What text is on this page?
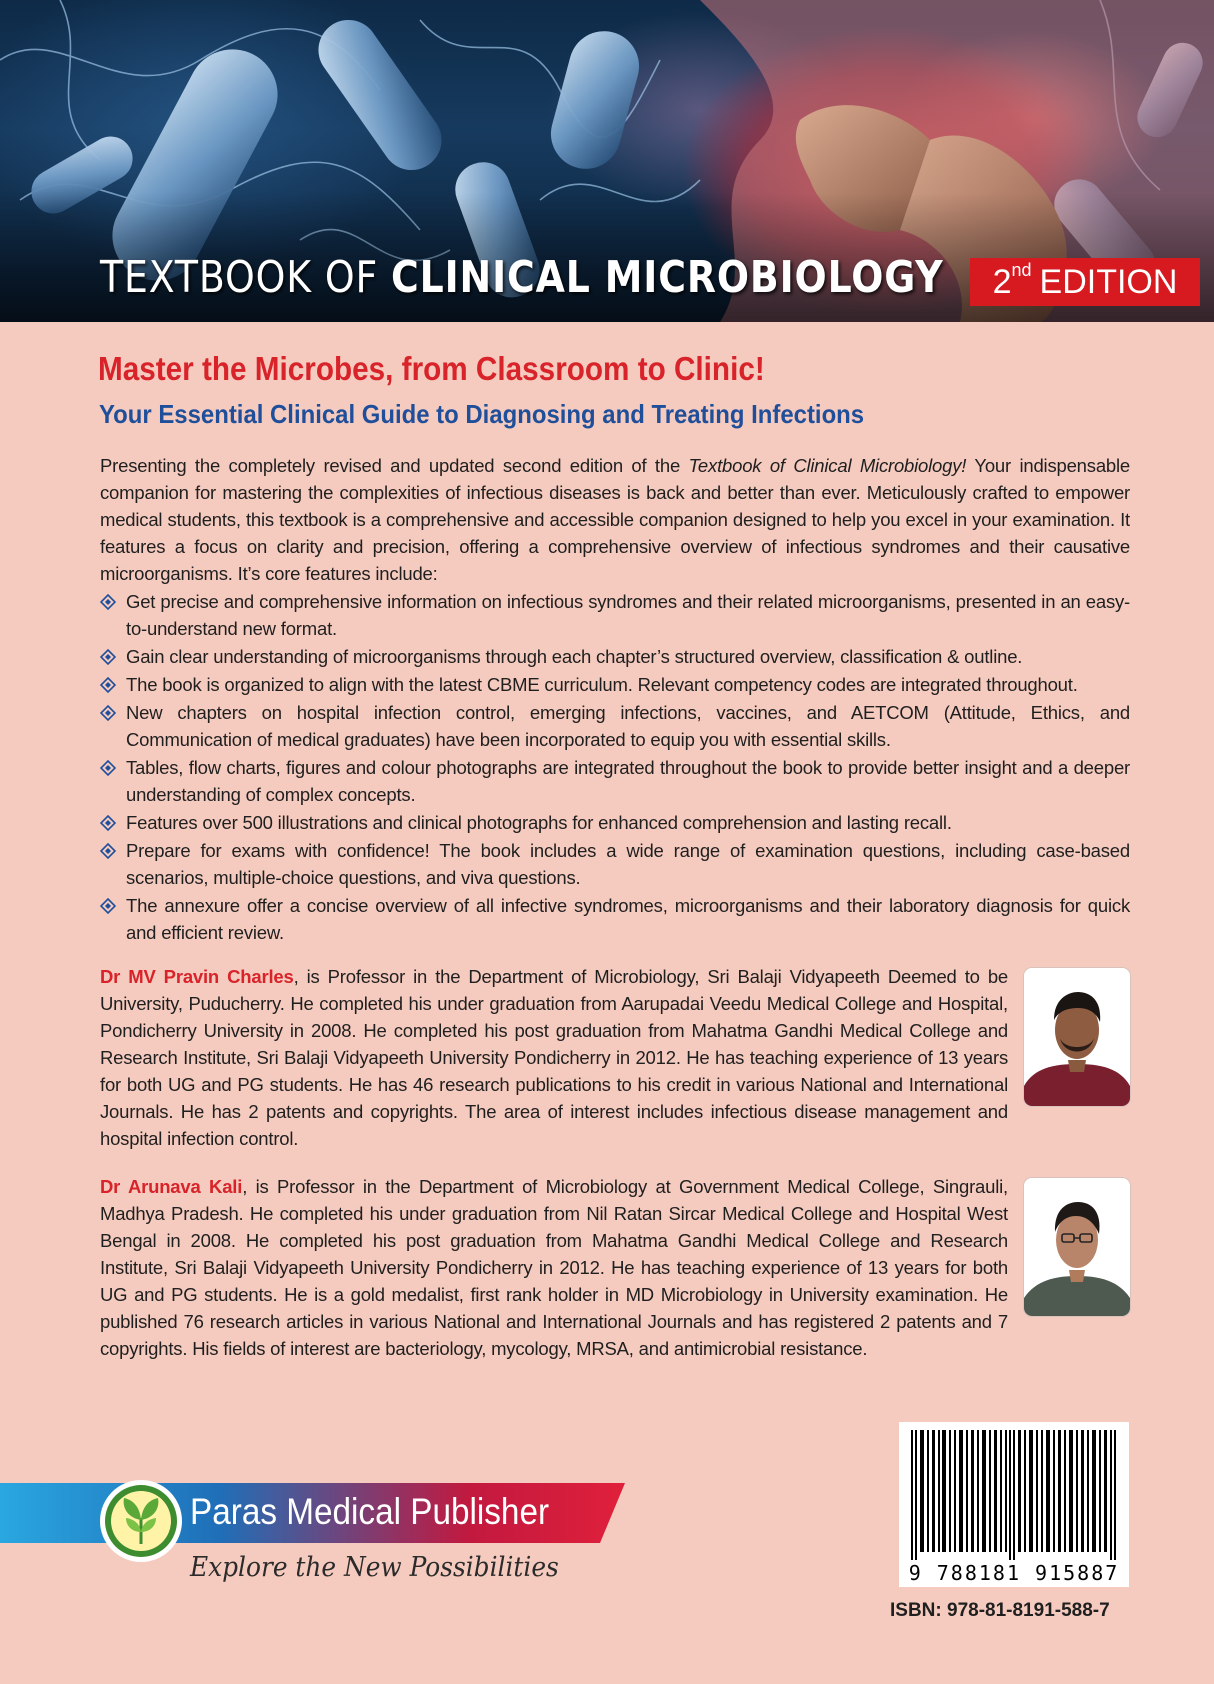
TEXTBOOK OF CLINICAL MICROBIOLOGY 2nd EDITION
Master the Microbes, from Classroom to Clinic!
Your Essential Clinical Guide to Diagnosing and Treating Infections

Presenting the completely revised and updated second edition of the Textbook of Clinical Microbiology! Your indispensable companion for mastering the complexities of infectious diseases is back and better than ever. Meticulously crafted to empower medical students, this textbook is a comprehensive and accessible companion designed to help you excel in your examination. It features a focus on clarity and precision, offering a comprehensive overview of infectious syndromes and their causative microorganisms. It’s core features include:

Get precise and comprehensive information on infectious syndromes and their related microorganisms, presented in an easy-to-understand new format.
Gain clear understanding of microorganisms through each chapter’s structured overview, classification & outline.
The book is organized to align with the latest CBME curriculum. Relevant competency codes are integrated throughout.
New chapters on hospital infection control, emerging infections, vaccines, and AETCOM (Attitude, Ethics, and Communication of medical graduates) have been incorporated to equip you with essential skills.
Tables, flow charts, figures and colour photographs are integrated throughout the book to provide better insight and a deeper understanding of complex concepts.
Features over 500 illustrations and clinical photographs for enhanced comprehension and lasting recall.
Prepare for exams with confidence! The book includes a wide range of examination questions, including case-based scenarios, multiple-choice questions, and viva questions.
The annexure offer a concise overview of all infective syndromes, microorganisms and their laboratory diagnosis for quick and efficient review.

Dr MV Pravin Charles, is Professor in the Department of Microbiology, Sri Balaji Vidyapeeth Deemed to be University, Puducherry. He completed his under graduation from Aarupadai Veedu Medical College and Hospital, Pondicherry University in 2008. He completed his post graduation from Mahatma Gandhi Medical College and Research Institute, Sri Balaji Vidyapeeth University Pondicherry in 2012. He has teaching experience of 13 years for both UG and PG students. He has 46 research publications to his credit in various National and International Journals. He has 2 patents and copyrights. The area of interest includes infectious disease management and hospital infection control.

Dr Arunava Kali, is Professor in the Department of Microbiology at Government Medical College, Singrauli, Madhya Pradesh. He completed his under graduation from Nil Ratan Sircar Medical College and Hospital West Bengal in 2008. He completed his post graduation from Mahatma Gandhi Medical College and Research Institute, Sri Balaji Vidyapeeth University Pondicherry in 2012. He has teaching experience of 13 years for both UG and PG students. He is a gold medalist, first rank holder in MD Microbiology in University examination. He published 76 research articles in various National and International Journals and has registered 2 patents and 7 copyrights. His fields of interest are bacteriology, mycology, MRSA, and antimicrobial resistance.

Paras Medical Publisher
Explore the New Possibilities	9 788181 915887
ISBN: 978-81-8191-588-7
